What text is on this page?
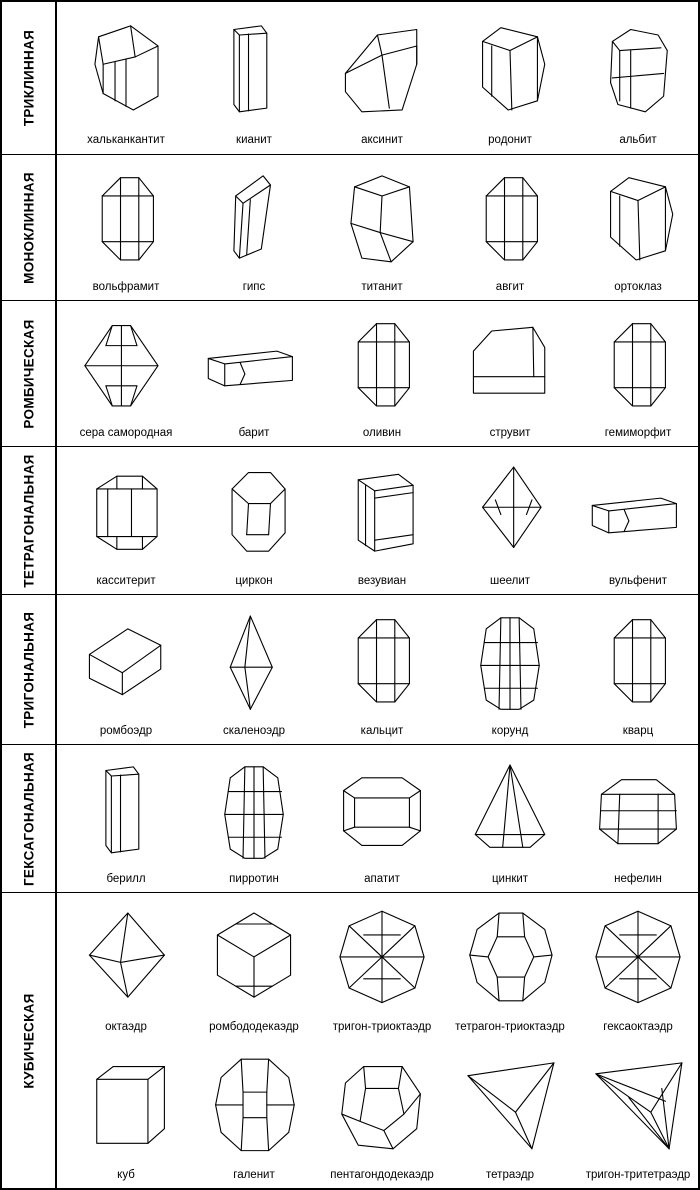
ТРИКЛИННАЯ
хальканкантит	кианит	аксинит	родонит	альбит
МОНОКЛИННАЯ
вольфрамит	гипс	титанит	авгит	ортоклаз
РОМБИЧЕСКАЯ
сера самородная	барит	оливин	струвит	гемиморфит
ТЕТРАГОНАЛЬНАЯ	касситерит	циркон	везувиан	шеелит	вульфенит
ТРИГОНАЛЬНАЯ
ромбоэдр	скаленоэдр	кальцит	корунд	кварц
ГЕКСАГОНАЛЬНАЯ	берилл	пирротин	апатит	цинкит	нефелин
КУБИЧЕСКАЯ	октаэдр	ромбододекаэдр	тригон-триоктаэдр	тетрагон-триоктаэдр	гексаоктаэдр
куб	галенит	пентагондодекаэдр	тетраэдр	тригон-тритетраэдр
